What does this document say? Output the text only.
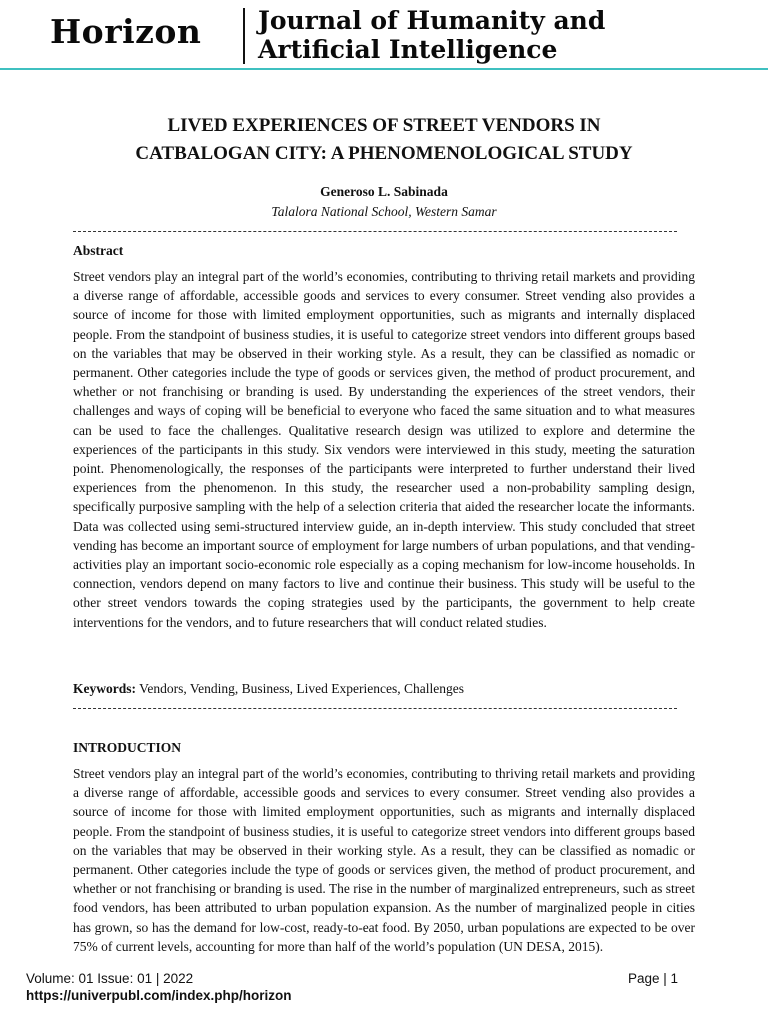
Horizon Journal of Humanity and
Artificial Intelligence
LIVED EXPERIENCES OF STREET VENDORS IN
CATBALOGAN CITY: A PHENOMENOLOGICAL STUDY
Generoso L. Sabinada
Talalora National School, Western Samar
Abstract

Street vendors play an integral part of the world’s economies, contributing to thriving retail markets and providing a diverse range of affordable, accessible goods and services to every consumer. Street vending also provides a source of income for those with limited employment opportunities, such as migrants and internally displaced people. From the standpoint of business studies, it is useful to categorize street vendors into different groups based on the variables that may be observed in their working style. As a result, they can be classified as nomadic or permanent. Other categories include the type of goods or services given, the method of product procurement, and whether or not franchising or branding is used. By understanding the experiences of the street vendors, their challenges and ways of coping will be beneficial to everyone who faced the same situation and to what measures can be used to face the challenges. Qualitative research design was utilized to explore and determine the experiences of the participants in this study. Six vendors were interviewed in this study, meeting the saturation point. Phenomenologically, the responses of the participants were interpreted to further understand their lived experiences from the phenomenon. In this study, the researcher used a non-probability sampling design, specifically purposive sampling with the help of a selection criteria that aided the researcher locate the informants. Data was collected using semi-structured interview guide, an in-depth interview. This study concluded that street vending has become an important source of employment for large numbers of urban populations, and that vending-activities play an important socio-economic role especially as a coping mechanism for low-income households. In connection, vendors depend on many factors to live and continue their business. This study will be useful to the other street vendors towards the coping strategies used by the participants, the government to help create interventions for the vendors, and to future researchers that will conduct related studies.

Keywords: Vendors, Vending, Business, Lived Experiences, Challenges
INTRODUCTION

Street vendors play an integral part of the world’s economies, contributing to thriving retail markets and providing a diverse range of affordable, accessible goods and services to every consumer. Street vending also provides a source of income for those with limited employment opportunities, such as migrants and internally displaced people. From the standpoint of business studies, it is useful to categorize street vendors into different groups based on the variables that may be observed in their working style. As a result, they can be classified as nomadic or permanent. Other categories include the type of goods or services given, the method of product procurement, and whether or not franchising or branding is used. The rise in the number of marginalized entrepreneurs, such as street food vendors, has been attributed to urban population expansion. As the number of marginalized people in cities has grown, so has the demand for low-cost, ready-to-eat food. By 2050, urban populations are expected to be over 75% of current levels, accounting for more than half of the world’s population (UN DESA, 2015).

Volume: 01 Issue: 01 | 2022	Page | 1
https://univerpubl.com/index.php/horizon
